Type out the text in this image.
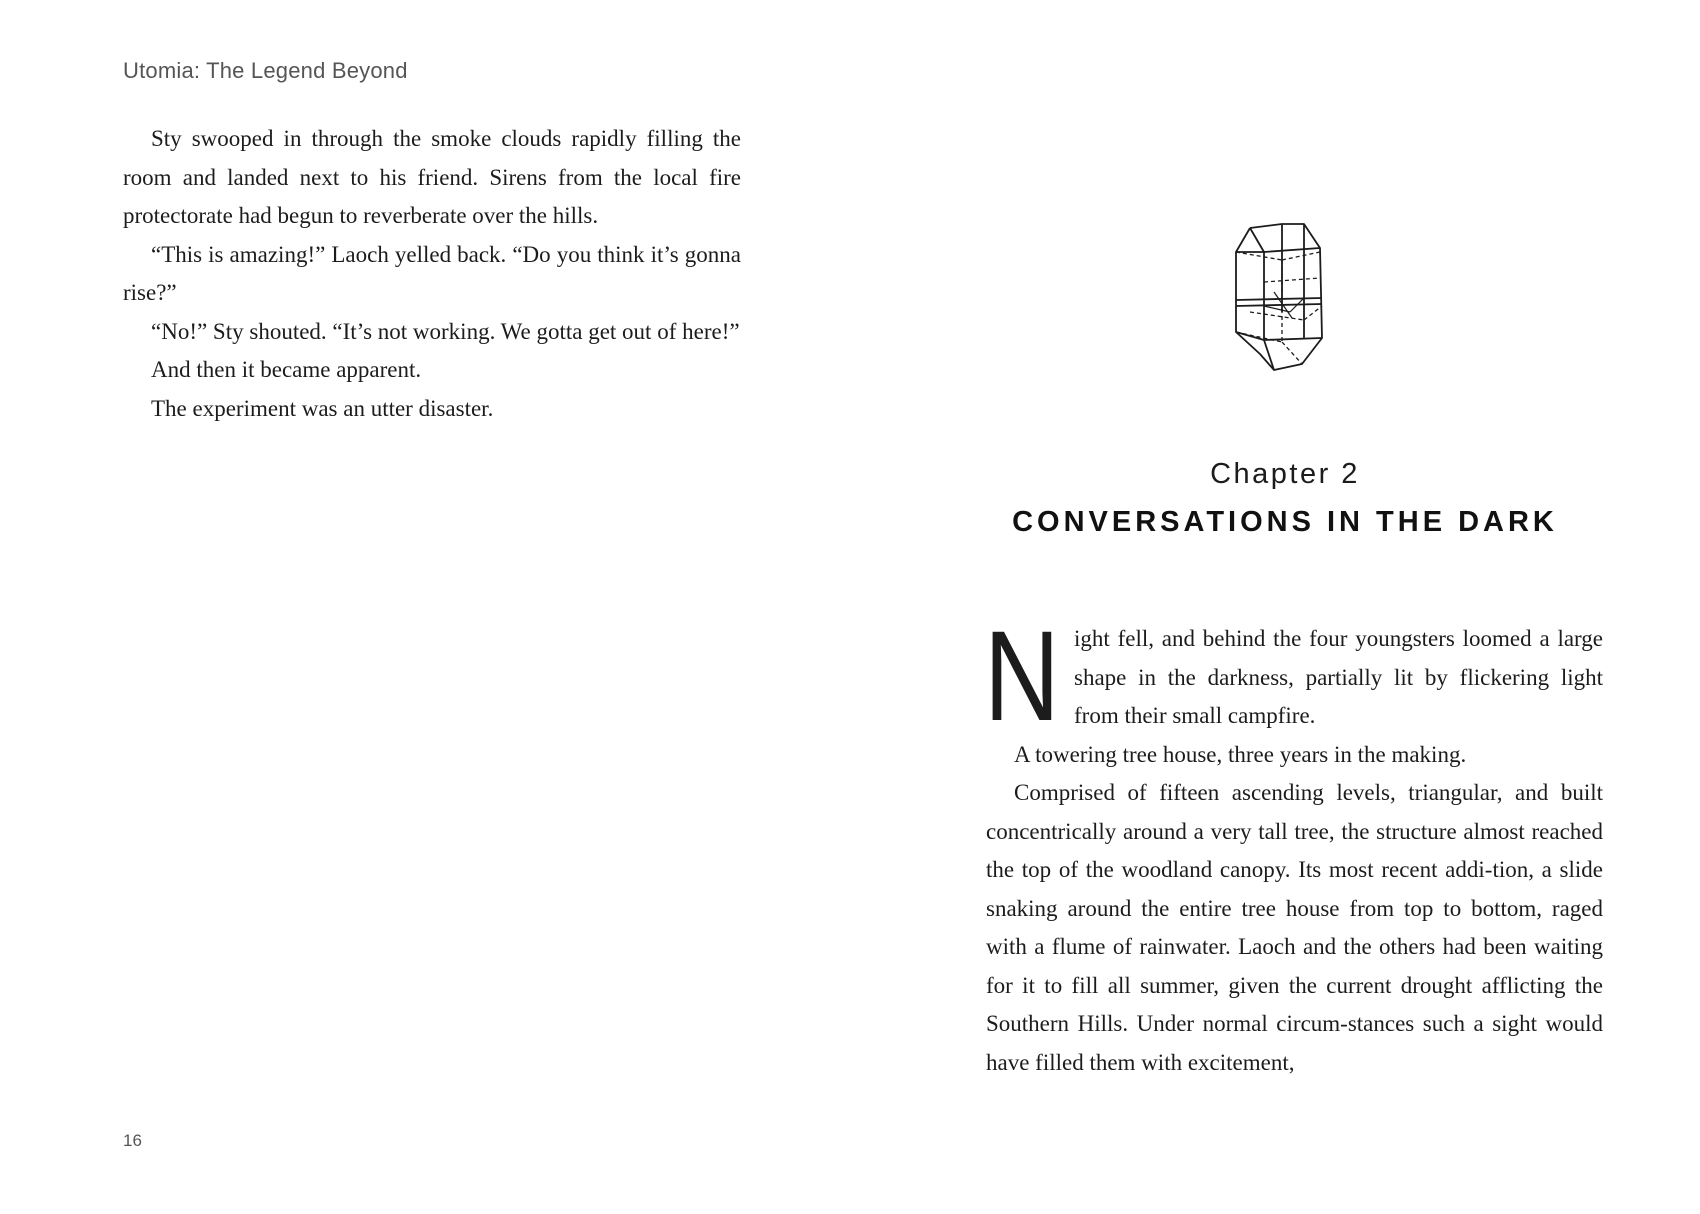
Utomia: The Legend Beyond

Sty swooped in through the smoke clouds rapidly filling the room and landed next to his friend. Sirens from the local fire protectorate had begun to reverberate over the hills.

“This is amazing!” Laoch yelled back. “Do you think it’s gonna rise?”

“No!” Sty shouted. “It’s not working. We gotta get out of here!”

And then it became apparent.

The experiment was an utter disaster.

16
Chapter 2
CONVERSATIONS IN THE DARK

Night fell, and behind the four youngsters loomed a large shape in the darkness, partially lit by flickering light from their small campfire.

A towering tree house, three years in the making.

Comprised of fifteen ascending levels, triangular, and built concentrically around a very tall tree, the structure almost reached the top of the woodland canopy. Its most recent addi-tion, a slide snaking around the entire tree house from top to bottom, raged with a flume of rainwater. Laoch and the others had been waiting for it to fill all summer, given the current drought afflicting the Southern Hills. Under normal circum-stances such a sight would have filled them with excitement,
